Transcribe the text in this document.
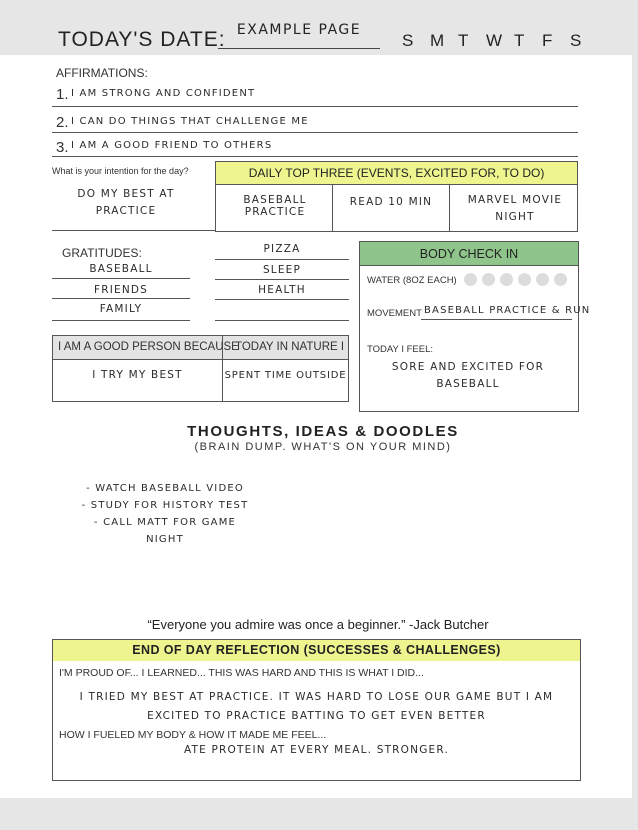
TODAY'S DATE: EXAMPLE PAGE
S M T W T F S
AFFIRMATIONS:
1. I AM STRONG AND CONFIDENT
2. I CAN DO THINGS THAT CHALLENGE ME
3. I AM A GOOD FRIEND TO OTHERS
What is your intention for the day?
DO MY BEST AT PRACTICE
DAILY TOP THREE (EVENTS, EXCITED FOR, TO DO)
BASEBALL PRACTICE
READ 10 MIN	MARVEL MOVIE NIGHT
GRATITUDES:
BASEBALL
FRIENDS
FAMILY
PIZZA
SLEEP
HEALTH
BODY CHECK IN
WATER (8OZ EACH)
MOVEMENT BASEBALL PRACTICE & RUN
TODAY I FEEL:
SORE AND EXCITED FOR BASEBALL
I AM A GOOD PERSON BECAUSE
TODAY IN NATURE I
I TRY MY BEST	SPENT TIME OUTSIDE
THOUGHTS, IDEAS & DOODLES
(BRAIN DUMP. WHAT'S ON YOUR MIND)
- WATCH BASEBALL VIDEO
- STUDY FOR HISTORY TEST
- CALL MATT FOR GAME
NIGHT
“Everyone you admire was once a beginner.” -Jack Butcher
END OF DAY REFLECTION (SUCCESSES & CHALLENGES)
I'M PROUD OF... I LEARNED... THIS WAS HARD AND THIS IS WHAT I DID...
I TRIED MY BEST AT PRACTICE. IT WAS HARD TO LOSE OUR GAME BUT I AM
EXCITED TO PRACTICE BATTING TO GET EVEN BETTER
HOW I FUELED MY BODY & HOW IT MADE ME FEEL...
ATE PROTEIN AT EVERY MEAL. STRONGER.
